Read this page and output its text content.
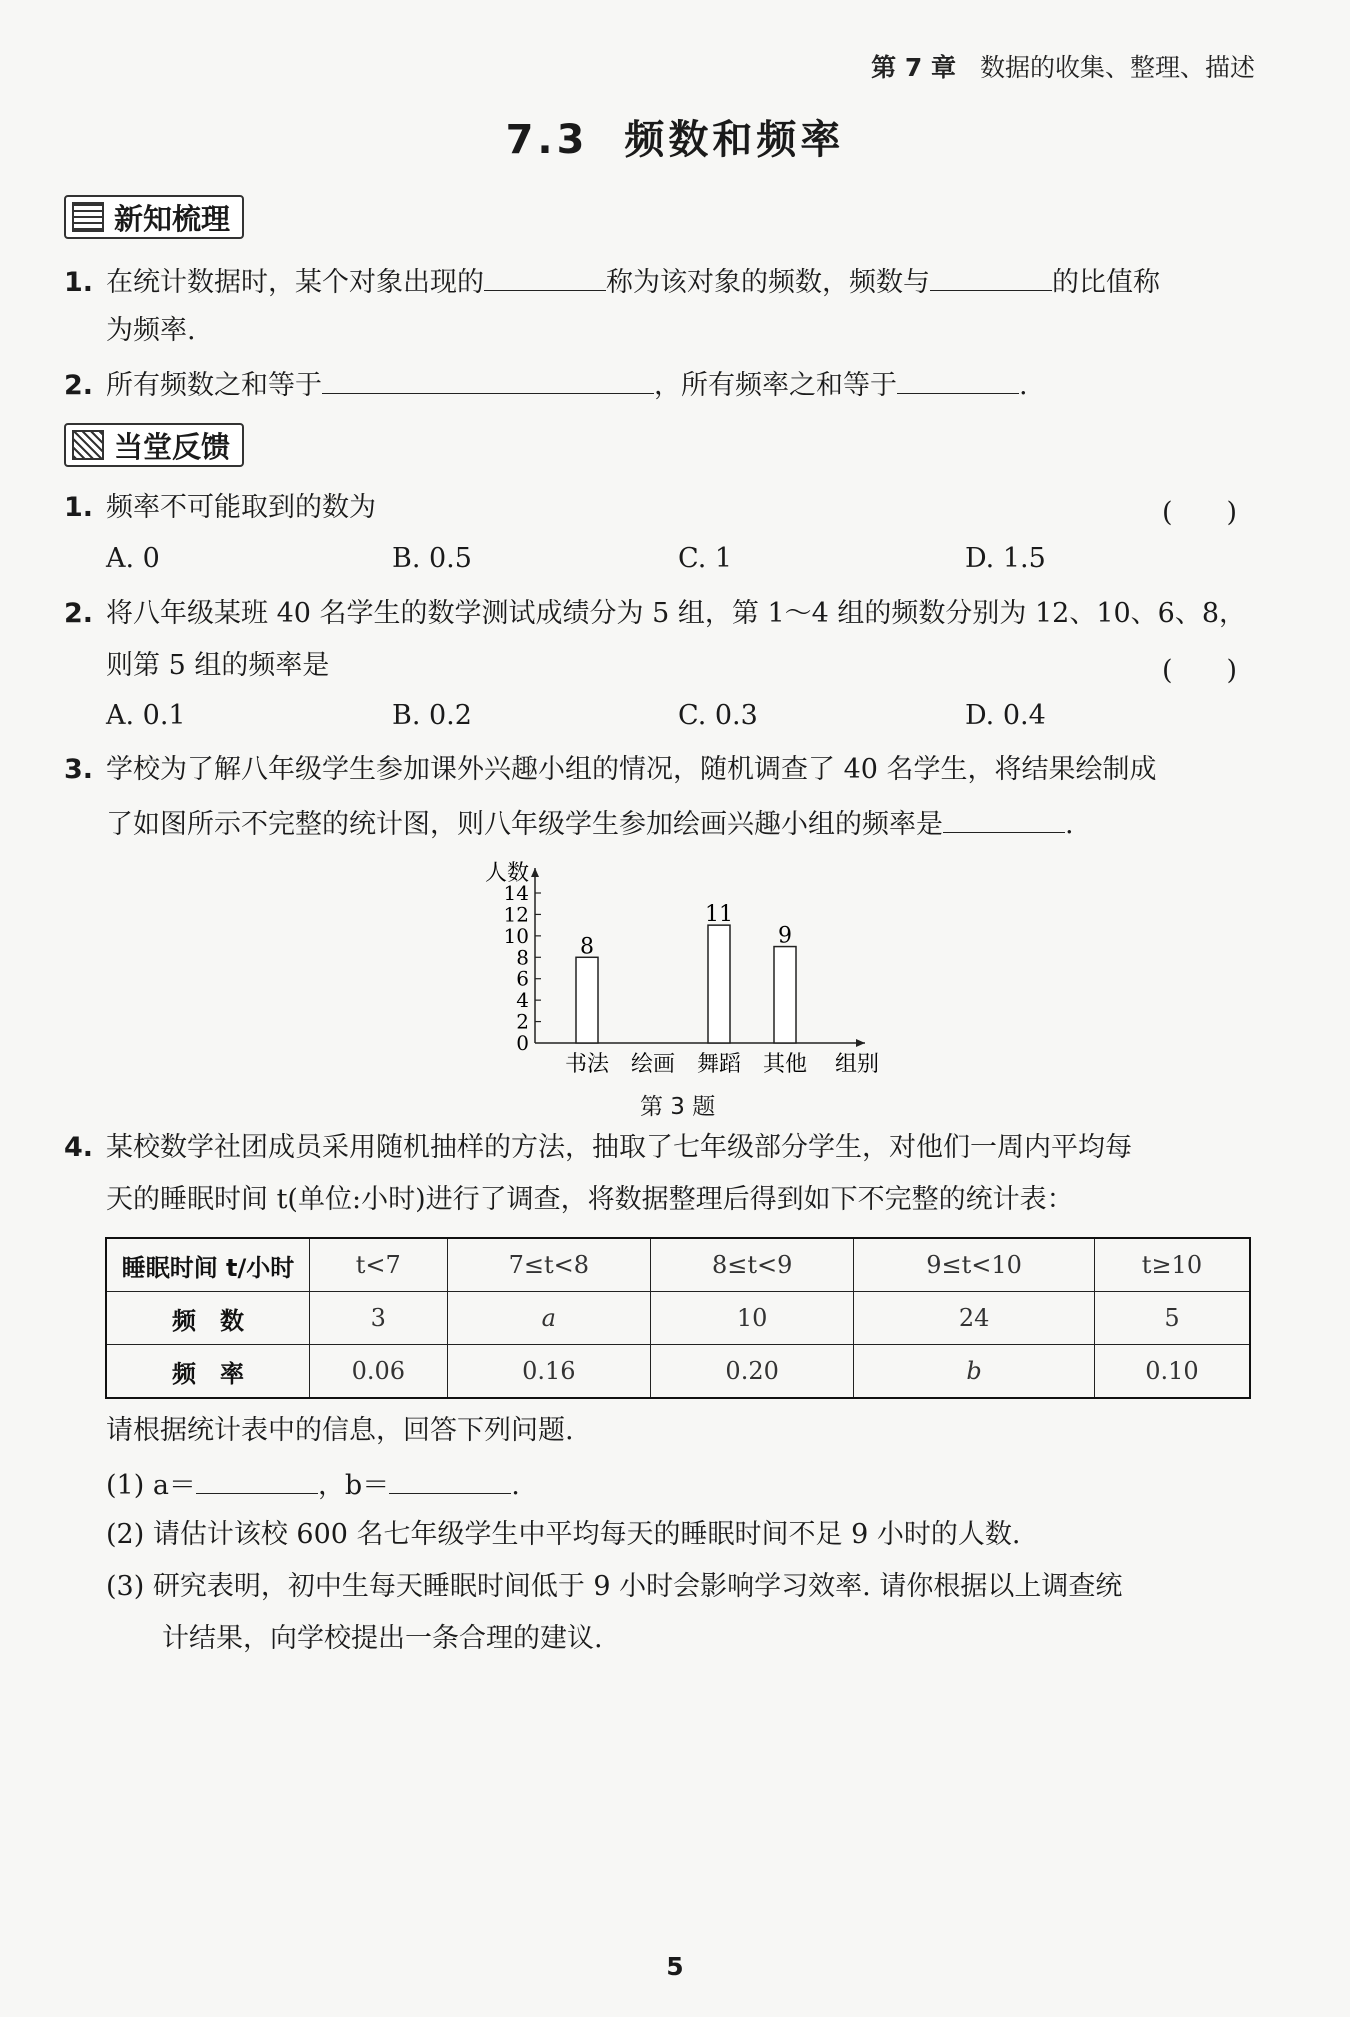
第 7 章 数据的收集、整理、描述
7.3 频数和频率
新知梳理
1. 在统计数据时，某个对象出现的	称为该对象的频数，频数与	的比值称
为频率.
2. 所有频数之和等于	，所有频率之和等于	.
当堂反馈
1. 频率不可能取到的数为	(　　)
A. 0	B. 0.5	C. 1	D. 1.5
2. 将八年级某班 40 名学生的数学测试成绩分为 5 组，第 1～4 组的频数分别为 12、10、6、8，
则第 5 组的频率是	(　　)
A. 0.1	B. 0.2	C. 0.3	D. 0.4
3. 学校为了解八年级学生参加课外兴趣小组的情况，随机调查了 40 名学生，将结果绘制成
了如图所示不完整的统计图，则八年级学生参加绘画兴趣小组的频率是	.
人数
0
2
4
6
8
10
12
14
8
书法 绘画
11
舞蹈
9
其他 组别
第 3 题
4. 某校数学社团成员采用随机抽样的方法，抽取了七年级部分学生，对他们一周内平均每
天的睡眠时间 t(单位:小时)进行了调查，将数据整理后得到如下不完整的统计表：
睡眠时间 t/小时	t<7	7≤t<8	8≤t<9	9≤t<10	t≥10
频　数	3	a	10	24	5
频　率	0.06	0.16	0.20	b	0.10
请根据统计表中的信息，回答下列问题.
(1) a＝	，b＝	.
(2) 请估计该校 600 名七年级学生中平均每天的睡眠时间不足 9 小时的人数.
(3) 研究表明，初中生每天睡眠时间低于 9 小时会影响学习效率. 请你根据以上调查统
计结果，向学校提出一条合理的建议.
5
